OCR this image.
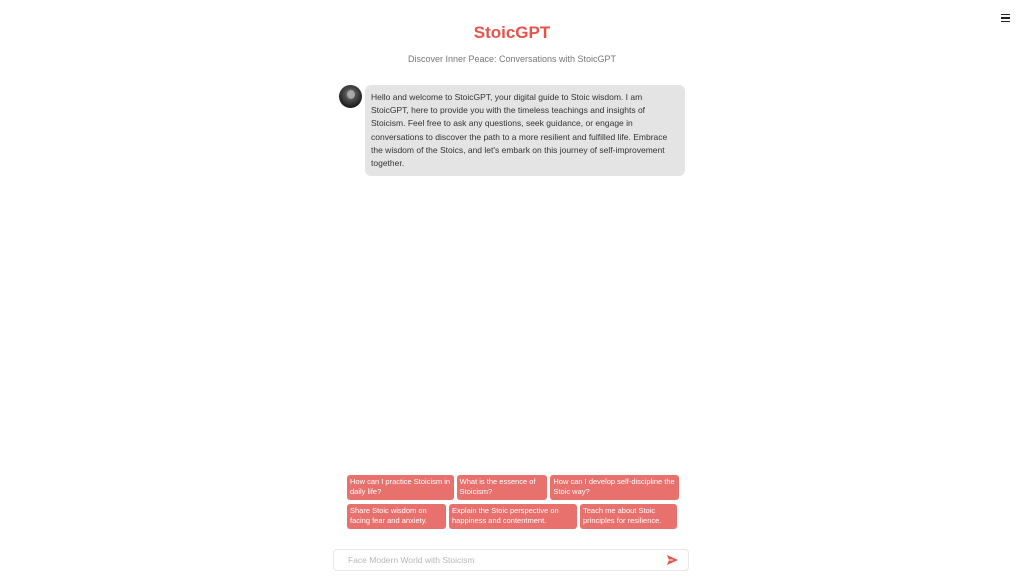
StoicGPT
Discover Inner Peace: Conversations with StoicGPT
Hello and welcome to StoicGPT, your digital guide to Stoic wisdom. I am StoicGPT, here to provide you with the timeless teachings and insights of Stoicism. Feel free to ask any questions, seek guidance, or engage in conversations to discover the path to a more resilient and fulfilled life. Embrace the wisdom of the Stoics, and let's embark on this journey of self-improvement together.
How can I practice Stoicism in daily life?
What is the essence of Stoicism?
How can I develop self-discipline the Stoic way?
Share Stoic wisdom on facing fear and anxiety.
Explain the Stoic perspective on happiness and contentment.
Teach me about Stoic principles for resilience.
Face Modern World with Stoicism
